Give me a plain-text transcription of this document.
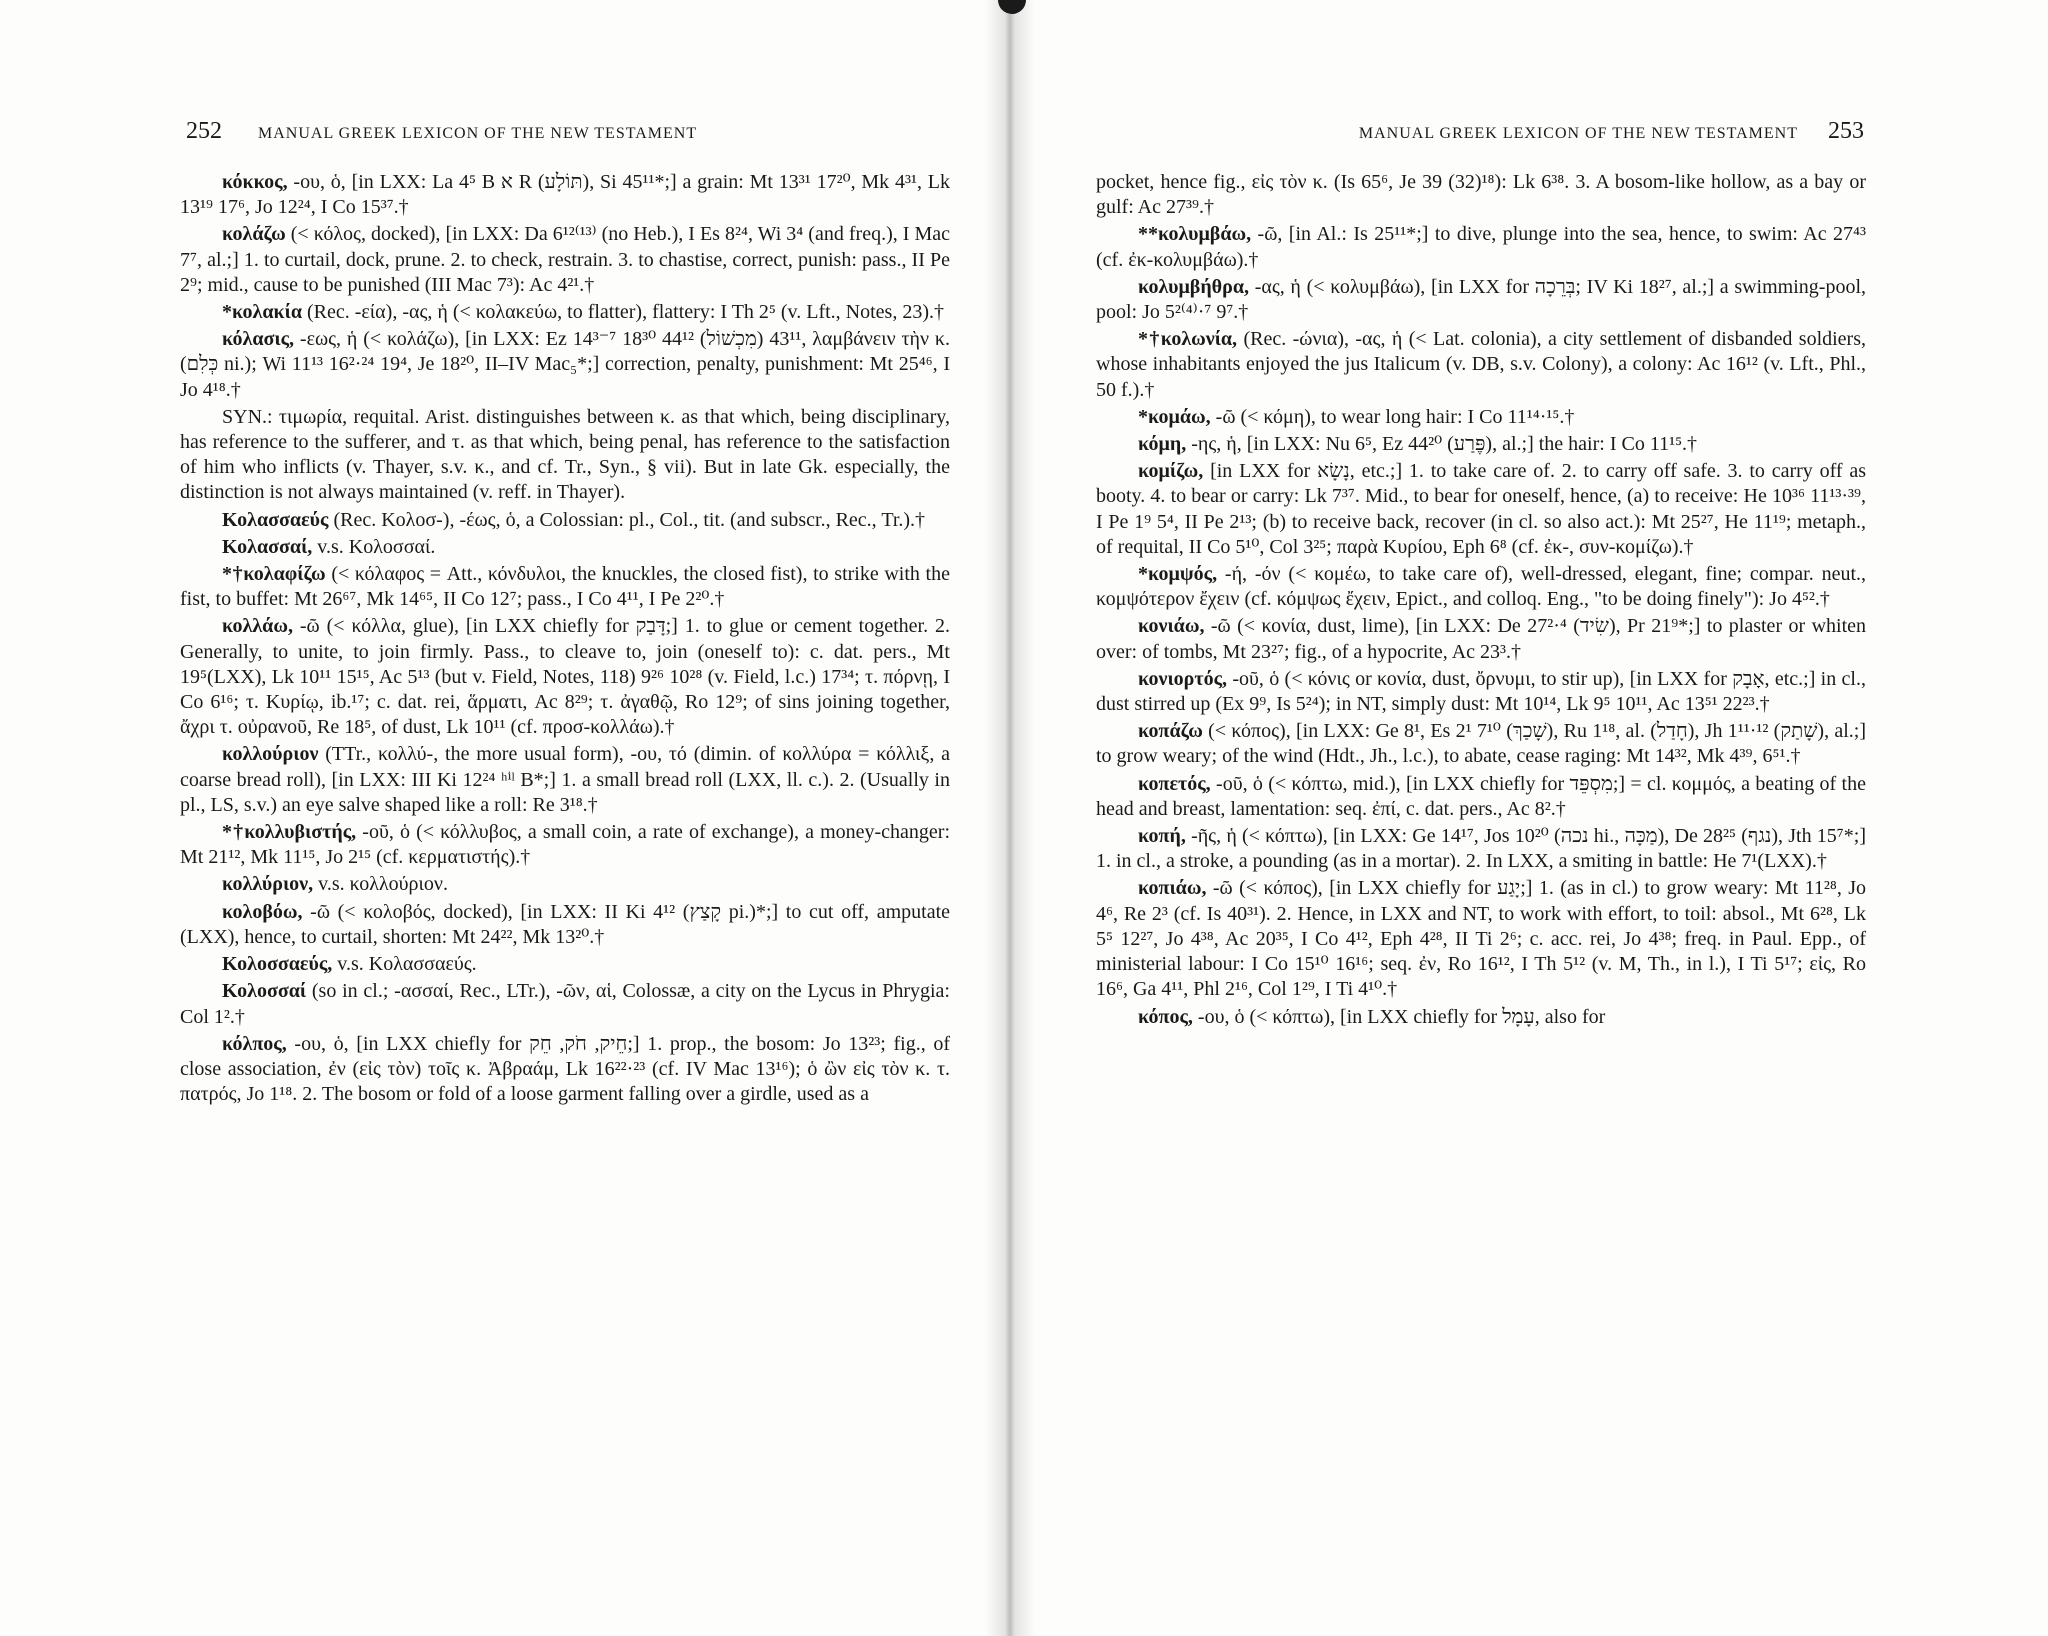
252 MANUAL GREEK LEXICON OF THE NEW TESTAMENT
κόκκος, -ου, ὁ, [in LXX: La 4⁵ B א R (תּוֹלָע), Si 45¹¹*;] a grain: Mt 13³¹ 17²⁰, Mk 4³¹, Lk 13¹⁹ 17⁶, Jo 12²⁴, I Co 15³⁷.†
κολάζω (< κόλος, docked), [in LXX: Da 6¹²⁽¹³⁾ (no Heb.), I Es 8²⁴, Wi 3⁴ (and freq.), I Mac 7⁷, al.;] 1. to curtail, dock, prune. 2. to check, restrain. 3. to chastise, correct, punish: pass., II Pe 2⁹; mid., cause to be punished (III Mac 7³): Ac 4²¹.†
*κολακία (Rec. -εία), -ας, ἡ (< κολακεύω, to flatter), flattery: I Th 2⁵ (v. Lft., Notes, 23).†
κόλασις, -εως, ἡ (< κολάζω), [in LXX: Ez 14³⁻⁷ 18³⁰ 44¹² (מִכְשׁוֹל) 43¹¹, λαμβάνειν τὴν κ. (כְּלִם ni.); Wi 11¹³ 16²·²⁴ 19⁴, Je 18²⁰, II–IV Mac₅*;] correction, penalty, punishment: Mt 25⁴⁶, I Jo 4¹⁸.†
SYN.: τιμωρία, requital. Arist. distinguishes between κ. as that which, being disciplinary, has reference to the sufferer, and τ. as that which, being penal, has reference to the satisfaction of him who inflicts (v. Thayer, s.v. κ., and cf. Tr., Syn., § vii). But in late Gk. especially, the distinction is not always maintained (v. reff. in Thayer).
Κολασσαεύς (Rec. Κολοσ-), -έως, ὁ, a Colossian: pl., Col., tit. (and subscr., Rec., Tr.).†
Κολασσαί, v.s. Κολοσσαί.
*†κολαφίζω (< κόλαφος = Att., κόνδυλοι, the knuckles, the closed fist), to strike with the fist, to buffet: Mt 26⁶⁷, Mk 14⁶⁵, II Co 12⁷; pass., I Co 4¹¹, I Pe 2²⁰.†
κολλάω, -ῶ (< κόλλα, glue), [in LXX chiefly for דָּבַק;] 1. to glue or cement together. 2. Generally, to unite, to join firmly. Pass., to cleave to, join (oneself to): c. dat. pers., Mt 19⁵(LXX), Lk 10¹¹ 15¹⁵, Ac 5¹³ (but v. Field, Notes, 118) 9²⁶ 10²⁸ (v. Field, l.c.) 17³⁴; τ. πόρνῃ, I Co 6¹⁶; τ. Κυρίῳ, ib.¹⁷; c. dat. rei, ἅρματι, Ac 8²⁹; τ. ἀγαθῷ, Ro 12⁹; of sins joining together, ἄχρι τ. οὐρανοῦ, Re 18⁵, of dust, Lk 10¹¹ (cf. προσ-κολλάω).†
κολλούριον (TTr., κολλύ-, the more usual form), -ου, τό (dimin. of κολλύρα = κόλλιξ, a coarse bread roll), [in LXX: III Ki 12²⁴ ʰⁱˡ B*;] 1. a small bread roll (LXX, ll. c.). 2. (Usually in pl., LS, s.v.) an eye salve shaped like a roll: Re 3¹⁸.†
*†κολλυβιστής, -οῦ, ὁ (< κόλλυβος, a small coin, a rate of exchange), a money-changer: Mt 21¹², Mk 11¹⁵, Jo 2¹⁵ (cf. κερματιστής).†
κολλύριον, v.s. κολλούριον.
κολοβόω, -ῶ (< κολοβός, docked), [in LXX: II Ki 4¹² (קָצַץ pi.)*;] to cut off, amputate (LXX), hence, to curtail, shorten: Mt 24²², Mk 13²⁰.†
Κολοσσαεύς, v.s. Κολασσαεύς.
Κολοσσαί (so in cl.; -ασσαί, Rec., LTr.), -ῶν, αἱ, Colossæ, a city on the Lycus in Phrygia: Col 1².†
κόλπος, -ου, ὁ, [in LXX chiefly for חֵיק, חֹק, חֵק;] 1. prop., the bosom: Jo 13²³; fig., of close association, ἐν (εἰς τὸν) τοῖς κ. Ἀβραάμ, Lk 16²²·²³ (cf. IV Mac 13¹⁶); ὁ ὢν εἰς τὸν κ. τ. πατρός, Jo 1¹⁸. 2. The bosom or fold of a loose garment falling over a girdle, used as a
MANUAL GREEK LEXICON OF THE NEW TESTAMENT 253
pocket, hence fig., εἰς τὸν κ. (Is 65⁶, Je 39 (32)¹⁸): Lk 6³⁸. 3. A bosom-like hollow, as a bay or gulf: Ac 27³⁹.†
**κολυμβάω, -ῶ, [in Al.: Is 25¹¹*;] to dive, plunge into the sea, hence, to swim: Ac 27⁴³ (cf. ἐκ-κολυμβάω).†
κολυμβήθρα, -ας, ἡ (< κολυμβάω), [in LXX for בְּרֵכָה; IV Ki 18²⁷, al.;] a swimming-pool, pool: Jo 5²⁽⁴⁾·⁷ 9⁷.†
*†κολωνία, (Rec. -ώνια), -ας, ἡ (< Lat. colonia), a city settlement of disbanded soldiers, whose inhabitants enjoyed the jus Italicum (v. DB, s.v. Colony), a colony: Ac 16¹² (v. Lft., Phl., 50 f.).†
*κομάω, -ῶ (< κόμη), to wear long hair: I Co 11¹⁴·¹⁵.†
κόμη, -ης, ἡ, [in LXX: Nu 6⁵, Ez 44²⁰ (פֶּרַע), al.;] the hair: I Co 11¹⁵.†
κομίζω, [in LXX for נָשָׂא, etc.;] 1. to take care of. 2. to carry off safe. 3. to carry off as booty. 4. to bear or carry: Lk 7³⁷. Mid., to bear for oneself, hence, (a) to receive: He 10³⁶ 11¹³·³⁹, I Pe 1⁹ 5⁴, II Pe 2¹³; (b) to receive back, recover (in cl. so also act.): Mt 25²⁷, He 11¹⁹; metaph., of requital, II Co 5¹⁰, Col 3²⁵; παρὰ Κυρίου, Eph 6⁸ (cf. ἐκ-, συν-κομίζω).†
*κομψός, -ή, -όν (< κομέω, to take care of), well-dressed, elegant, fine; compar. neut., κομψότερον ἔχειν (cf. κόμψως ἔχειν, Epict., and colloq. Eng., "to be doing finely"): Jo 4⁵².†
κονιάω, -ῶ (< κονία, dust, lime), [in LXX: De 27²·⁴ (שִׂיד), Pr 21⁹*;] to plaster or whiten over: of tombs, Mt 23²⁷; fig., of a hypocrite, Ac 23³.†
κονιορτός, -οῦ, ὁ (< κόνις or κονία, dust, ὄρνυμι, to stir up), [in LXX for אָבָק, etc.;] in cl., dust stirred up (Ex 9⁹, Is 5²⁴); in NT, simply dust: Mt 10¹⁴, Lk 9⁵ 10¹¹, Ac 13⁵¹ 22²³.†
κοπάζω (< κόπος), [in LXX: Ge 8¹, Es 2¹ 7¹⁰ (שָׁכַךְ), Ru 1¹⁸, al. (חָדַל), Jh 1¹¹·¹² (שָׁתַק), al.;] to grow weary; of the wind (Hdt., Jh., l.c.), to abate, cease raging: Mt 14³², Mk 4³⁹, 6⁵¹.†
κοπετός, -οῦ, ὁ (< κόπτω, mid.), [in LXX chiefly for מִסְפֵּד;] = cl. κομμός, a beating of the head and breast, lamentation: seq. ἐπί, c. dat. pers., Ac 8².†
κοπή, -ῆς, ἡ (< κόπτω), [in LXX: Ge 14¹⁷, Jos 10²⁰ (נכה hi., מַכָּה), De 28²⁵ (נגף), Jth 15⁷*;] 1. in cl., a stroke, a pounding (as in a mortar). 2. In LXX, a smiting in battle: He 7¹(LXX).†
κοπιάω, -ῶ (< κόπος), [in LXX chiefly for יָגַע;] 1. (as in cl.) to grow weary: Mt 11²⁸, Jo 4⁶, Re 2³ (cf. Is 40³¹). 2. Hence, in LXX and NT, to work with effort, to toil: absol., Mt 6²⁸, Lk 5⁵ 12²⁷, Jo 4³⁸, Ac 20³⁵, I Co 4¹², Eph 4²⁸, II Ti 2⁶; c. acc. rei, Jo 4³⁸; freq. in Paul. Epp., of ministerial labour: I Co 15¹⁰ 16¹⁶; seq. ἐν, Ro 16¹², I Th 5¹² (v. M, Th., in l.), I Ti 5¹⁷; εἰς, Ro 16⁶, Ga 4¹¹, Phl 2¹⁶, Col 1²⁹, I Ti 4¹⁰.†
κόπος, -ου, ὁ (< κόπτω), [in LXX chiefly for עָמָל, also for
